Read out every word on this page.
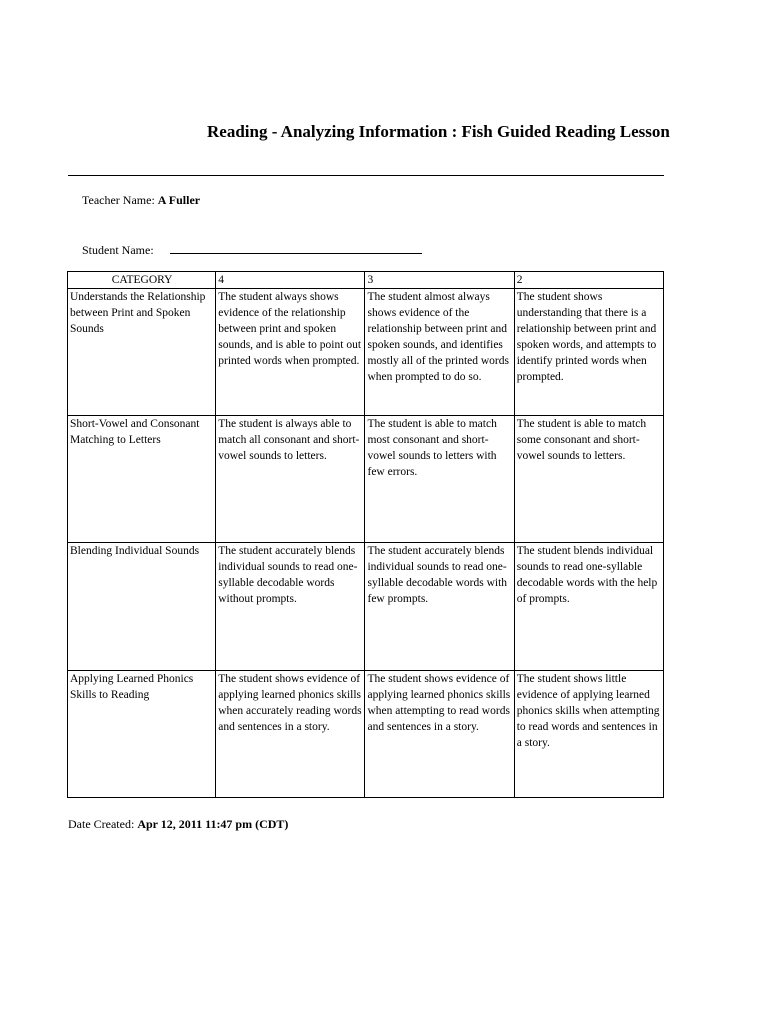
Reading - Analyzing Information : Fish Guided Reading Lesson
Teacher Name: A Fuller
Student Name:
CATEGORY	4	3	2
Understands the Relationship between Print and Spoken Sounds	The student always shows evidence of the relationship between print and spoken sounds, and is able to point out printed words when prompted.	The student almost always shows evidence of the relationship between print and spoken sounds, and identifies mostly all of the printed words when prompted to do so.	The student shows understanding that there is a relationship between print and spoken words, and attempts to identify printed words when prompted.
Short-Vowel and Consonant Matching to Letters	The student is always able to match all consonant and short-vowel sounds to letters.	The student is able to match most consonant and short-vowel sounds to letters with few errors.	The student is able to match some consonant and short-vowel sounds to letters.
Blending Individual Sounds	The student accurately blends individual sounds to read one-syllable decodable words without prompts.	The student accurately blends individual sounds to read one-syllable decodable words with few prompts.	The student blends individual sounds to read one-syllable decodable words with the help of prompts.
Applying Learned Phonics Skills to Reading	The student shows evidence of applying learned phonics skills when accurately reading words and sentences in a story.	The student shows evidence of applying learned phonics skills when attempting to read words and sentences in a story.	The student shows little evidence of applying learned phonics skills when attempting to read words and sentences in a story.
Date Created: Apr 12, 2011 11:47 pm (CDT)
